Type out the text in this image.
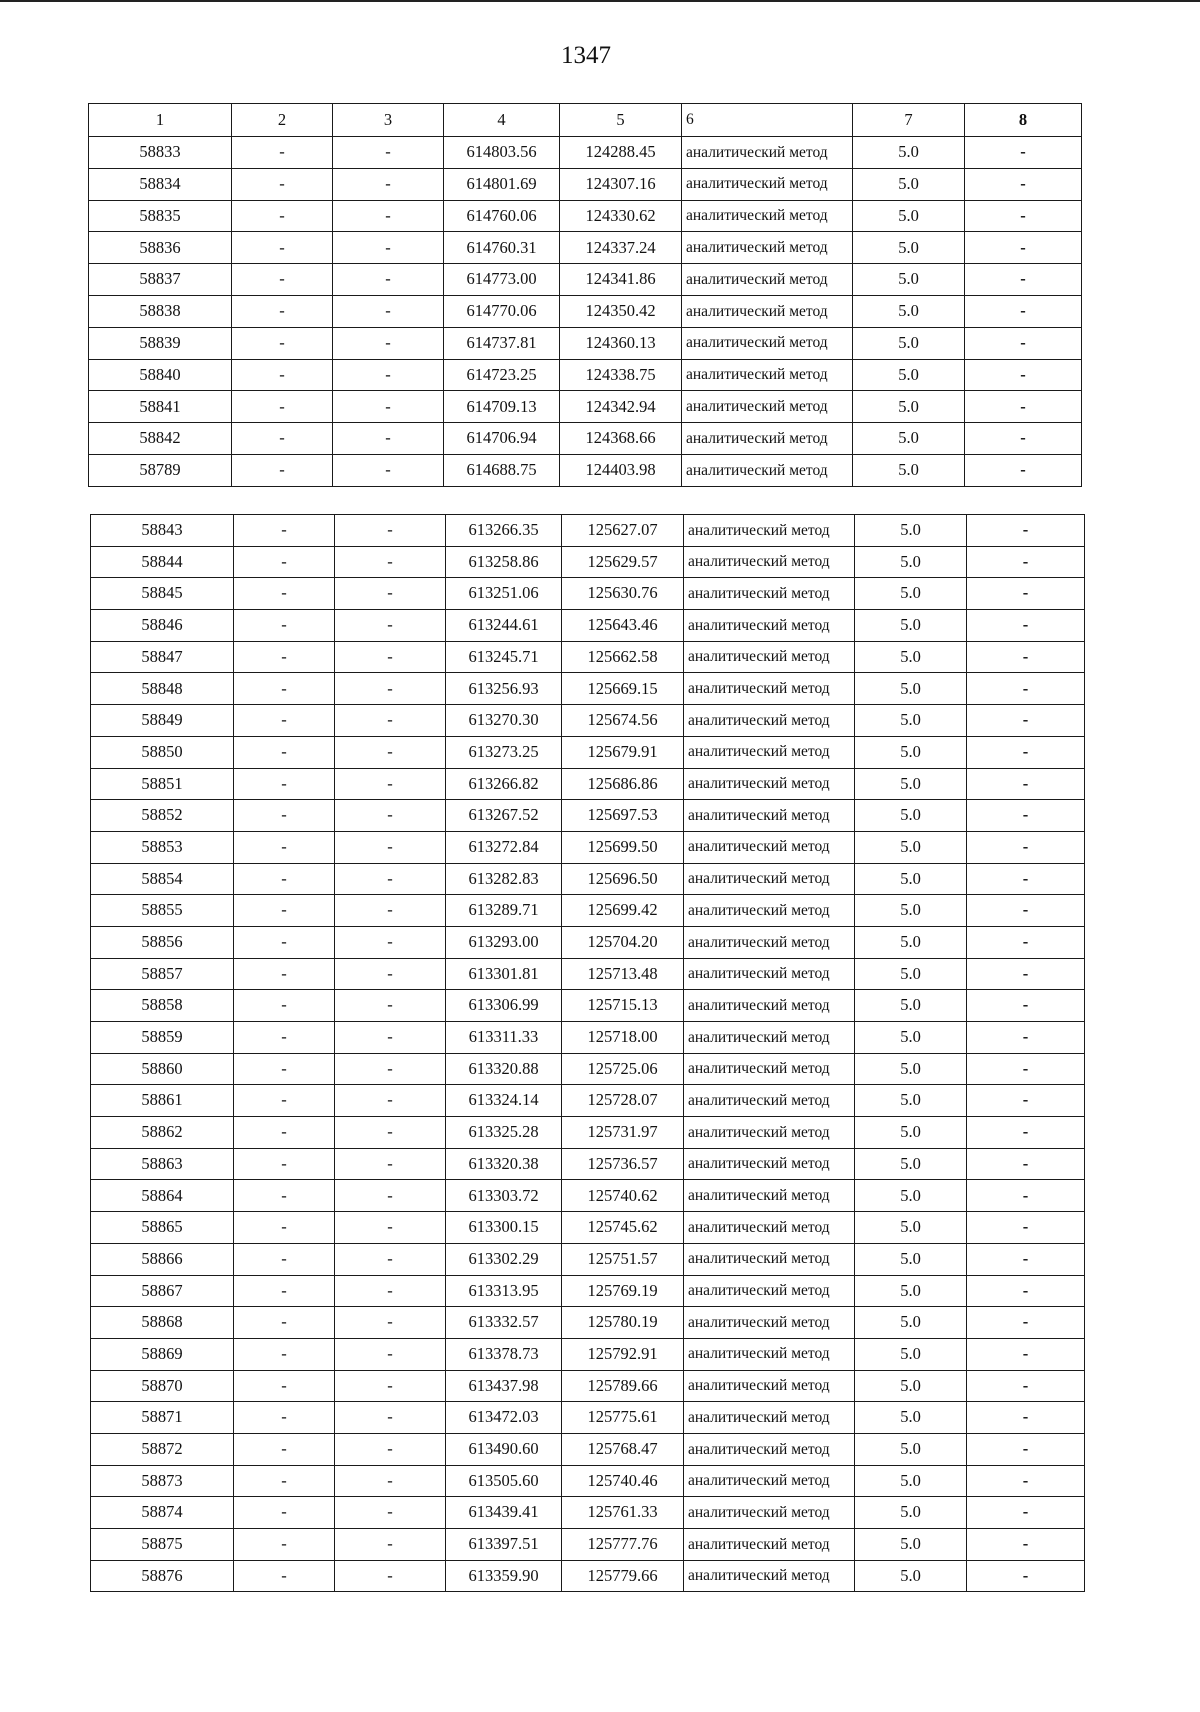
1347
1	2	3	4	5	6	7	8
58833	-	-	614803.56	124288.45	аналитический метод	5.0	-
58834	-	-	614801.69	124307.16	аналитический метод	5.0	-
58835	-	-	614760.06	124330.62	аналитический метод	5.0	-
58836	-	-	614760.31	124337.24	аналитический метод	5.0	-
58837	-	-	614773.00	124341.86	аналитический метод	5.0	-
58838	-	-	614770.06	124350.42	аналитический метод	5.0	-
58839	-	-	614737.81	124360.13	аналитический метод	5.0	-
58840	-	-	614723.25	124338.75	аналитический метод	5.0	-
58841	-	-	614709.13	124342.94	аналитический метод	5.0	-
58842	-	-	614706.94	124368.66	аналитический метод	5.0	-
58789	-	-	614688.75	124403.98	аналитический метод	5.0	-
58843	-	-	613266.35	125627.07	аналитический метод	5.0	-
58844	-	-	613258.86	125629.57	аналитический метод	5.0	-
58845	-	-	613251.06	125630.76	аналитический метод	5.0	-
58846	-	-	613244.61	125643.46	аналитический метод	5.0	-
58847	-	-	613245.71	125662.58	аналитический метод	5.0	-
58848	-	-	613256.93	125669.15	аналитический метод	5.0	-
58849	-	-	613270.30	125674.56	аналитический метод	5.0	-
58850	-	-	613273.25	125679.91	аналитический метод	5.0	-
58851	-	-	613266.82	125686.86	аналитический метод	5.0	-
58852	-	-	613267.52	125697.53	аналитический метод	5.0	-
58853	-	-	613272.84	125699.50	аналитический метод	5.0	-
58854	-	-	613282.83	125696.50	аналитический метод	5.0	-
58855	-	-	613289.71	125699.42	аналитический метод	5.0	-
58856	-	-	613293.00	125704.20	аналитический метод	5.0	-
58857	-	-	613301.81	125713.48	аналитический метод	5.0	-
58858	-	-	613306.99	125715.13	аналитический метод	5.0	-
58859	-	-	613311.33	125718.00	аналитический метод	5.0	-
58860	-	-	613320.88	125725.06	аналитический метод	5.0	-
58861	-	-	613324.14	125728.07	аналитический метод	5.0	-
58862	-	-	613325.28	125731.97	аналитический метод	5.0	-
58863	-	-	613320.38	125736.57	аналитический метод	5.0	-
58864	-	-	613303.72	125740.62	аналитический метод	5.0	-
58865	-	-	613300.15	125745.62	аналитический метод	5.0	-
58866	-	-	613302.29	125751.57	аналитический метод	5.0	-
58867	-	-	613313.95	125769.19	аналитический метод	5.0	-
58868	-	-	613332.57	125780.19	аналитический метод	5.0	-
58869	-	-	613378.73	125792.91	аналитический метод	5.0	-
58870	-	-	613437.98	125789.66	аналитический метод	5.0	-
58871	-	-	613472.03	125775.61	аналитический метод	5.0	-
58872	-	-	613490.60	125768.47	аналитический метод	5.0	-
58873	-	-	613505.60	125740.46	аналитический метод	5.0	-
58874	-	-	613439.41	125761.33	аналитический метод	5.0	-
58875	-	-	613397.51	125777.76	аналитический метод	5.0	-
58876	-	-	613359.90	125779.66	аналитический метод	5.0	-
